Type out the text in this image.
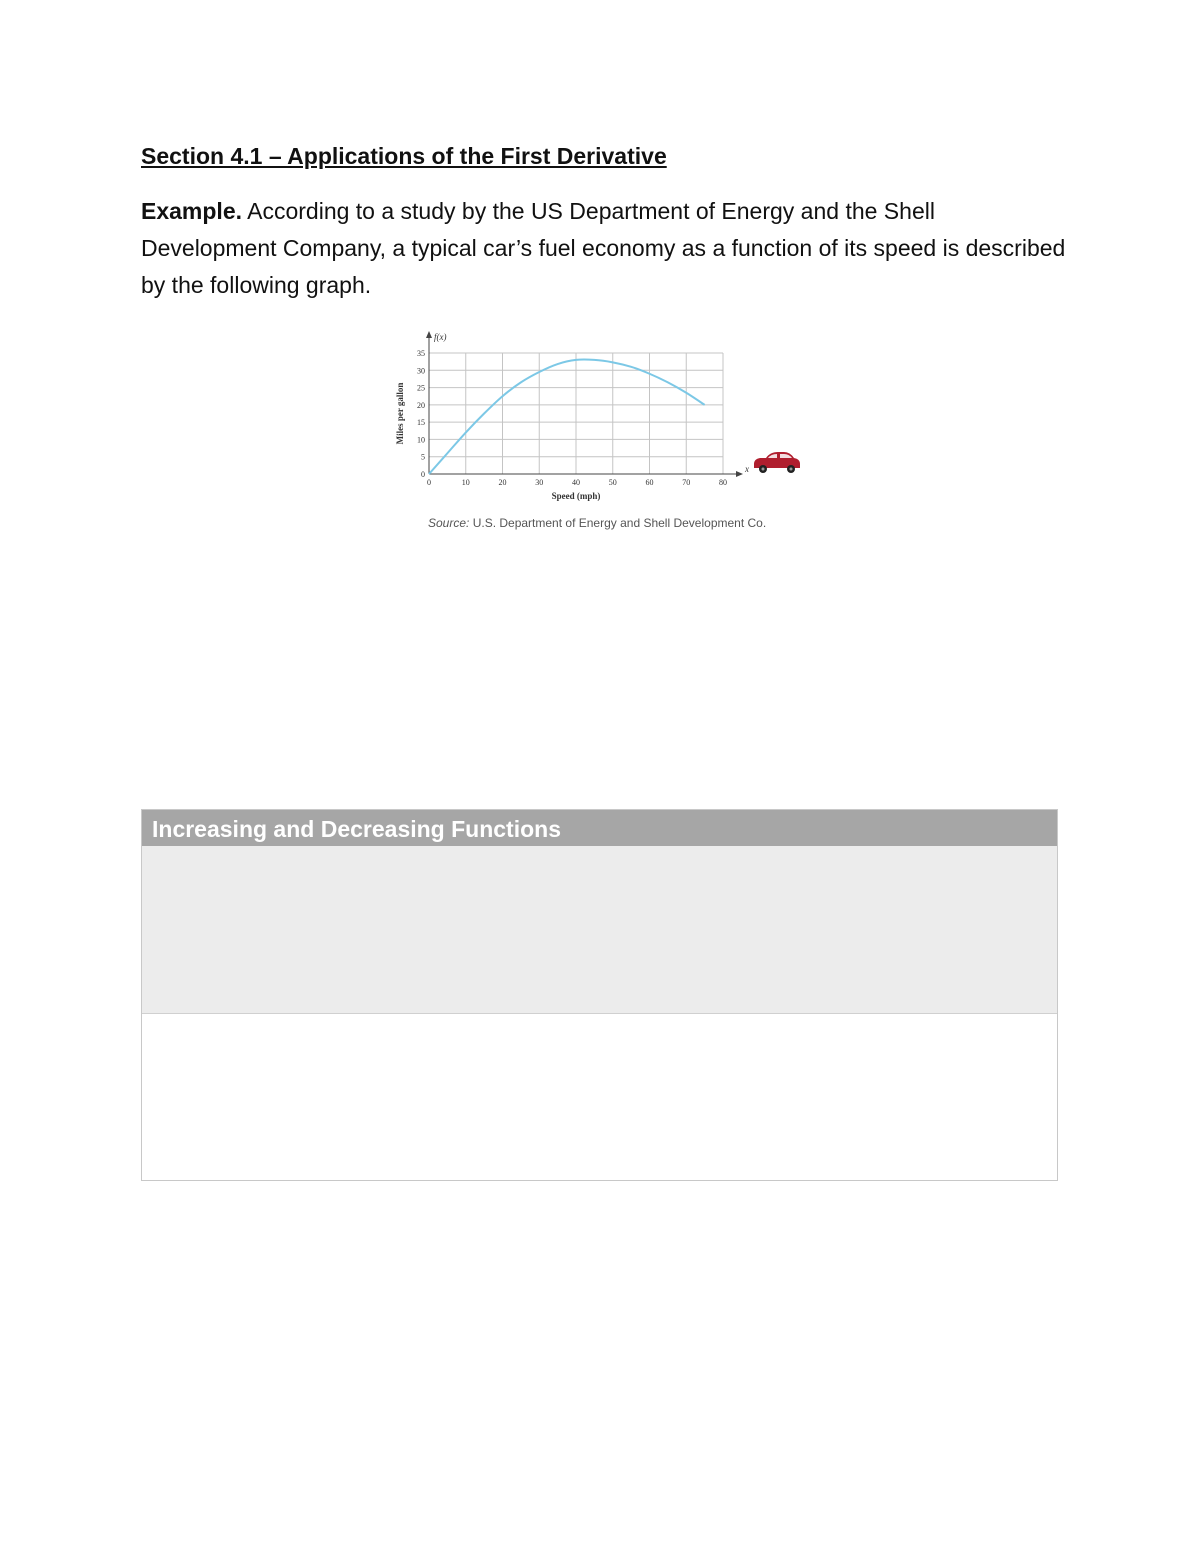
Section 4.1 – Applications of the First Derivative

Example. According to a study by the US Department of Energy and the Shell Development Company, a typical car’s fuel economy as a function of its speed is described by the following graph.

0	10	20	30	40	50	60	70	80
0
5
10
15
20
25
30
35
f(x)
x
Speed (mph)
Miles per gallon
Source: U.S. Department of Energy and Shell Development Co.
Increasing and Decreasing Functions
